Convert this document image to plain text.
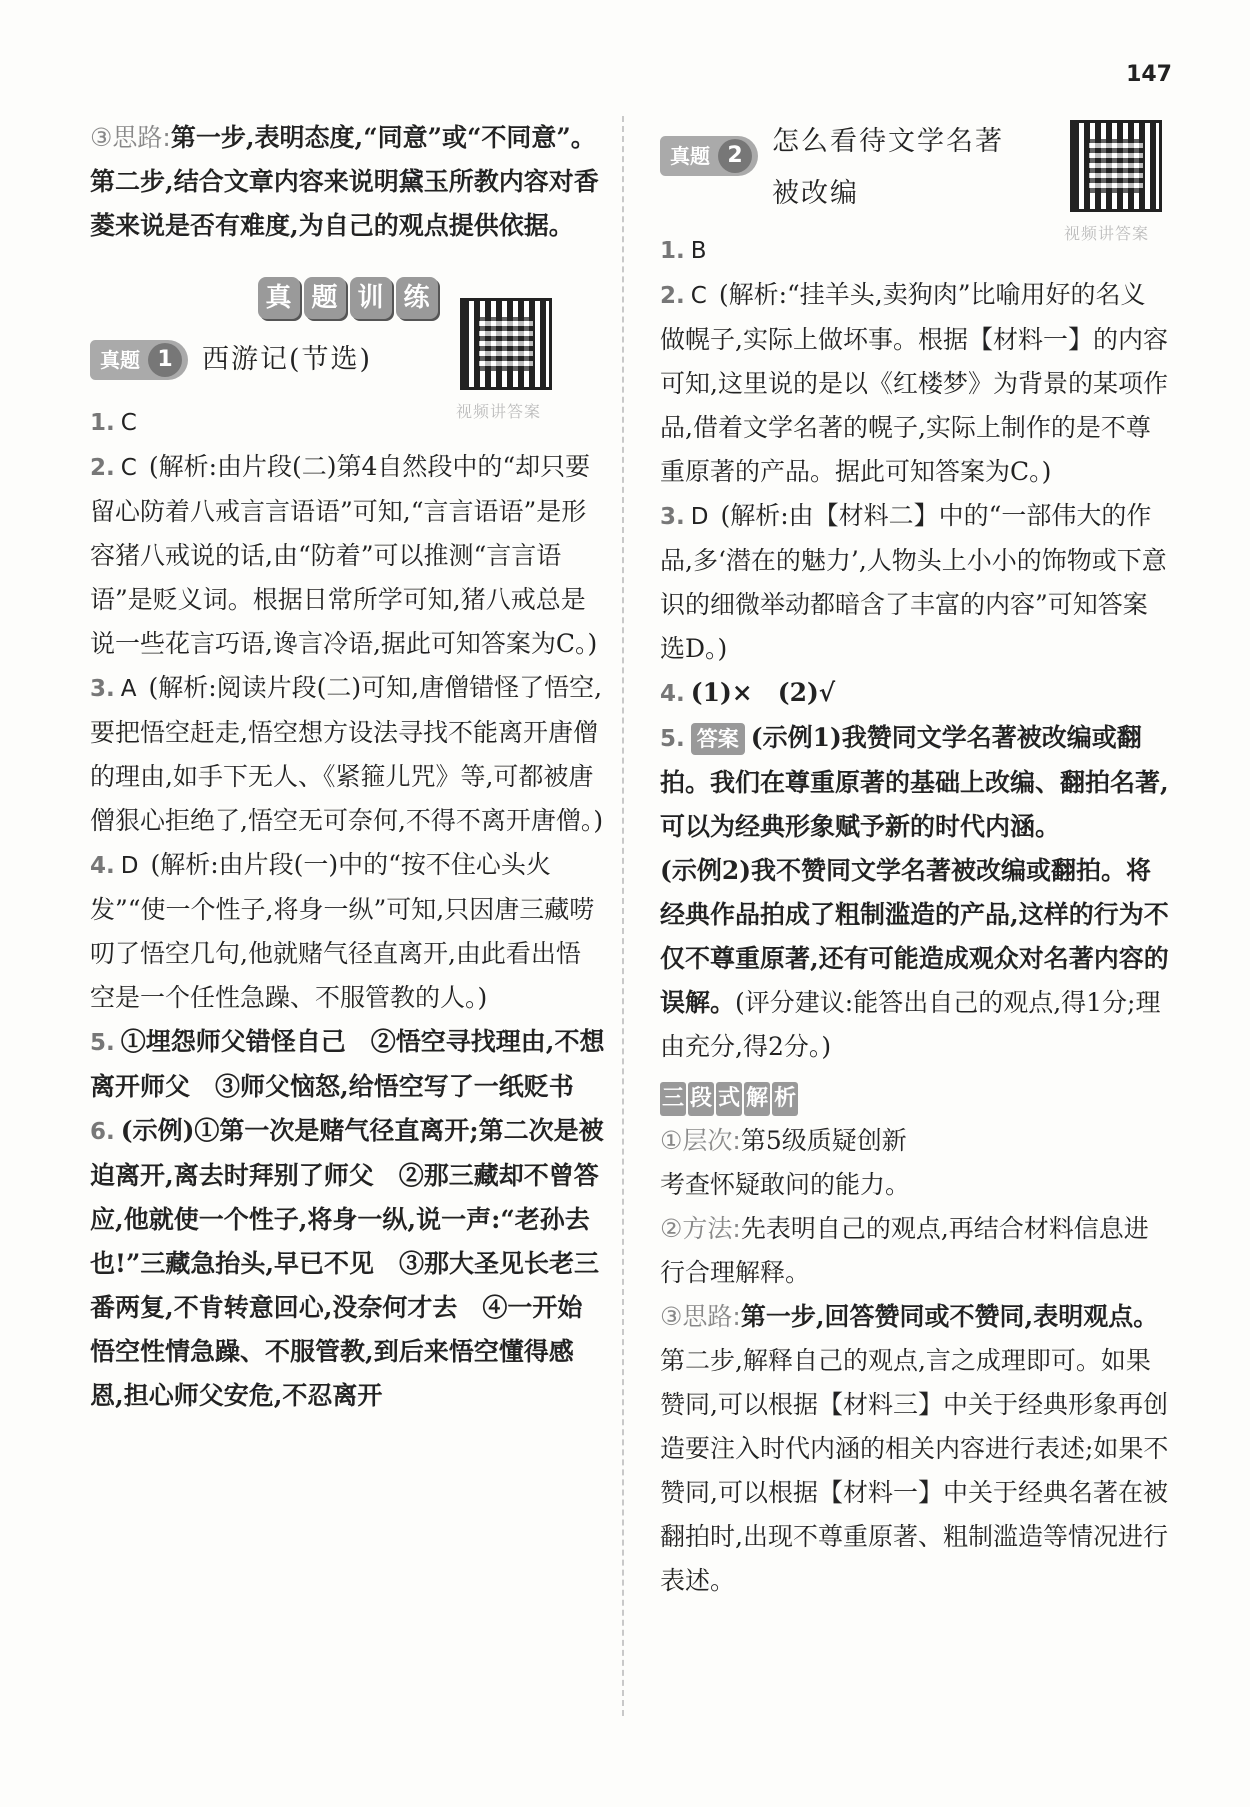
147

③思路:第一步,表明态度,“同意”或“不同意”。第二步,结合文章内容来说明黛玉所教内容对香菱来说是否有难度,为自己的观点提供依据。

真 题 训 练
真题 1	西游记(节选)
视频讲答案

1. C

2. C (解析:由片段(二)第4自然段中的“却只要留心防着八戒言言语语”可知,“言言语语”是形容猪八戒说的话,由“防着”可以推测“言言语语”是贬义词。根据日常所学可知,猪八戒总是说一些花言巧语,谗言冷语,据此可知答案为C。)

3. A (解析:阅读片段(二)可知,唐僧错怪了悟空,要把悟空赶走,悟空想方设法寻找不能离开唐僧的理由,如手下无人、《紧箍儿咒》等,可都被唐僧狠心拒绝了,悟空无可奈何,不得不离开唐僧。)

4. D (解析:由片段(一)中的“按不住心头火发”“使一个性子,将身一纵”可知,只因唐三藏唠叨了悟空几句,他就赌气径直离开,由此看出悟空是一个任性急躁、不服管教的人。)

5. ①埋怨师父错怪自己　②悟空寻找理由,不想离开师父　③师父恼怒,给悟空写了一纸贬书

6. (示例)①第一次是赌气径直离开;第二次是被迫离开,离去时拜别了师父　②那三藏却不曾答应,他就使一个性子,将身一纵,说一声:“老孙去也!”三藏急抬头,早已不见　③那大圣见长老三番两复,不肯转意回心,没奈何才去　④一开始悟空性情急躁、不服管教,到后来悟空懂得感恩,担心师父安危,不忍离开

真题 2	怎么看待文学名著
被改编
视频讲答案

1. B

2. C (解析:“挂羊头,卖狗肉”比喻用好的名义做幌子,实际上做坏事。根据【材料一】的内容可知,这里说的是以《红楼梦》为背景的某项作品,借着文学名著的幌子,实际上制作的是不尊重原著的产品。据此可知答案为C。)

3. D (解析:由【材料二】中的“一部伟大的作品,多‘潜在的魅力’,人物头上小小的饰物或下意识的细微举动都暗含了丰富的内容”可知答案选D。)

4. (1)×　(2)√

5. 答案 (示例1)我赞同文学名著被改编或翻拍。我们在尊重原著的基础上改编、翻拍名著,可以为经典形象赋予新的时代内涵。

(示例2)我不赞同文学名著被改编或翻拍。将经典作品拍成了粗制滥造的产品,这样的行为不仅不尊重原著,还有可能造成观众对名著内容的误解。(评分建议:能答出自己的观点,得1分;理由充分,得2分。)

三 段 式 解 析

①层次:第5级质疑创新

考查怀疑敢问的能力。

②方法:先表明自己的观点,再结合材料信息进行合理解释。

③思路:第一步,回答赞同或不赞同,表明观点。

第二步,解释自己的观点,言之成理即可。如果赞同,可以根据【材料三】中关于经典形象再创造要注入时代内涵的相关内容进行表述;如果不赞同,可以根据【材料一】中关于经典名著在被翻拍时,出现不尊重原著、粗制滥造等情况进行表述。
